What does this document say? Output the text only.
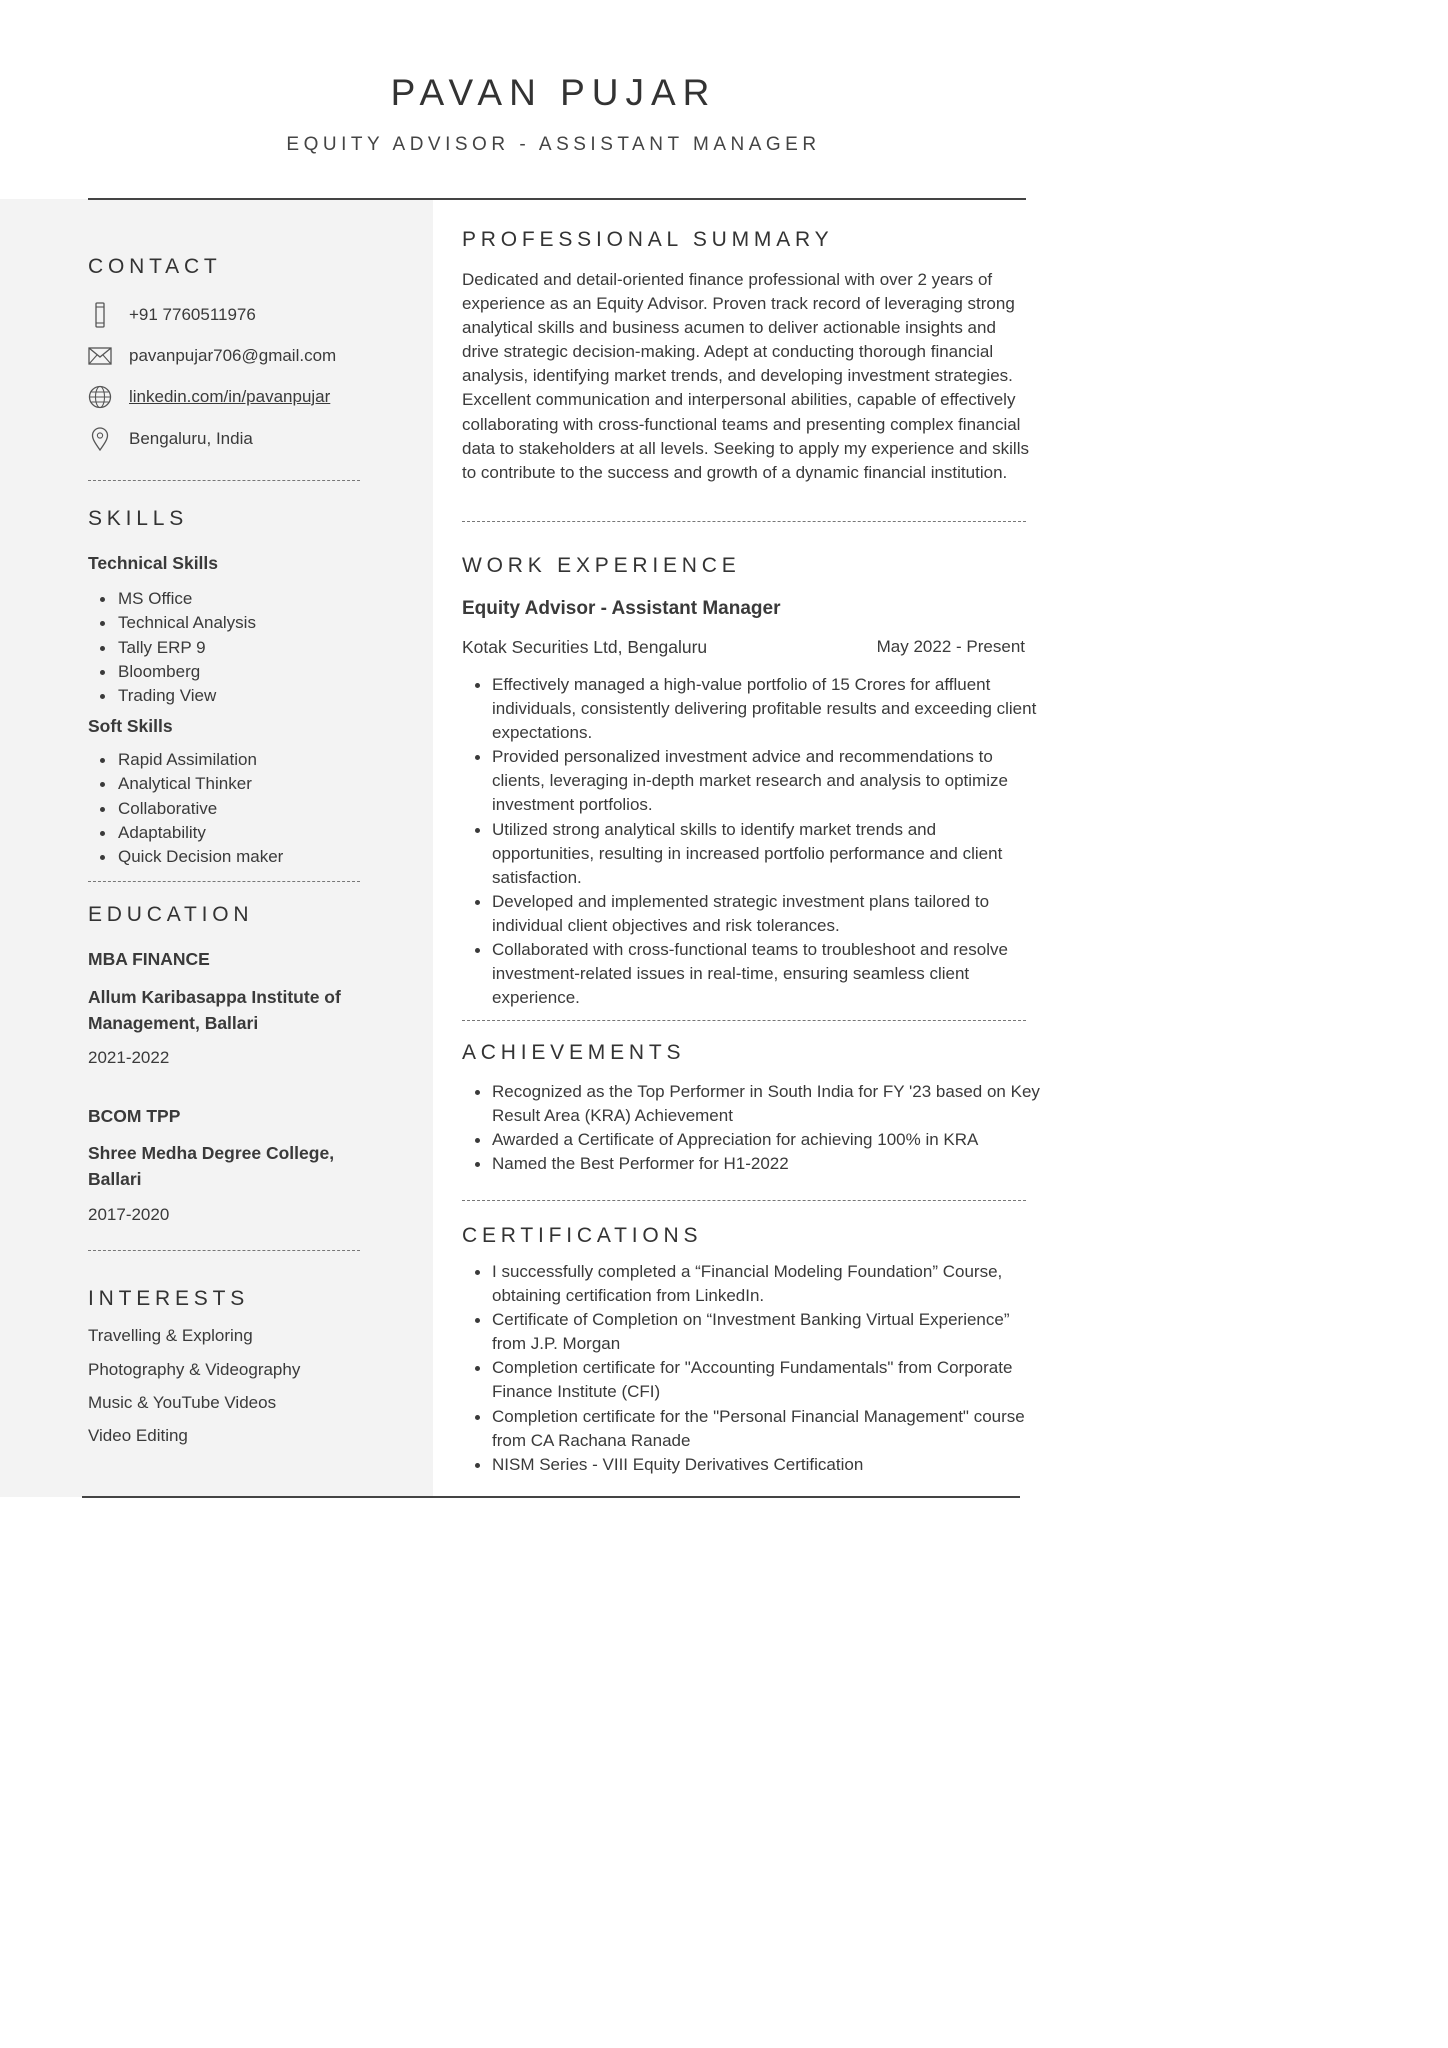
PAVAN PUJAR
EQUITY ADVISOR - ASSISTANT MANAGER
CONTACT
+91 7760511976
pavanpujar706@gmail.com
linkedin.com/in/pavanpujar
Bengaluru, India
SKILLS
Technical Skills
MS Office
Technical Analysis
Tally ERP 9
Bloomberg
Trading View
Soft Skills
Rapid Assimilation
Analytical Thinker
Collaborative
Adaptability
Quick Decision maker
EDUCATION
MBA FINANCE
Allum Karibasappa Institute of Management, Ballari
2021-2022
BCOM TPP
Shree Medha Degree College, Ballari
2017-2020
INTERESTS
Travelling & Exploring
Photography & Videography
Music & YouTube Videos
Video Editing
PROFESSIONAL SUMMARY

Dedicated and detail-oriented finance professional with over 2 years of experience as an Equity Advisor. Proven track record of leveraging strong analytical skills and business acumen to deliver actionable insights and drive strategic decision-making. Adept at conducting thorough financial analysis, identifying market trends, and developing investment strategies. Excellent communication and interpersonal abilities, capable of effectively collaborating with cross-functional teams and presenting complex financial data to stakeholders at all levels. Seeking to apply my experience and skills to contribute to the success and growth of a dynamic financial institution.

WORK EXPERIENCE
Equity Advisor - Assistant Manager
Kotak Securities Ltd, Bengaluru	May 2022 - Present
Effectively managed a high-value portfolio of 15 Crores for affluent individuals, consistently delivering profitable results and exceeding client expectations.
Provided personalized investment advice and recommendations to clients, leveraging in-depth market research and analysis to optimize investment portfolios.
Utilized strong analytical skills to identify market trends and opportunities, resulting in increased portfolio performance and client satisfaction.
Developed and implemented strategic investment plans tailored to individual client objectives and risk tolerances.
Collaborated with cross-functional teams to troubleshoot and resolve investment-related issues in real-time, ensuring seamless client experience.
ACHIEVEMENTS
Recognized as the Top Performer in South India for FY '23 based on Key Result Area (KRA) Achievement
Awarded a Certificate of Appreciation for achieving 100% in KRA
Named the Best Performer for H1-2022
CERTIFICATIONS
I successfully completed a “Financial Modeling Foundation” Course, obtaining certification from LinkedIn.
Certificate of Completion on “Investment Banking Virtual Experience” from J.P. Morgan
Completion certificate for "Accounting Fundamentals" from Corporate Finance Institute (CFI)
Completion certificate for the "Personal Financial Management" course from CA Rachana Ranade
NISM Series - VIII Equity Derivatives Certification
